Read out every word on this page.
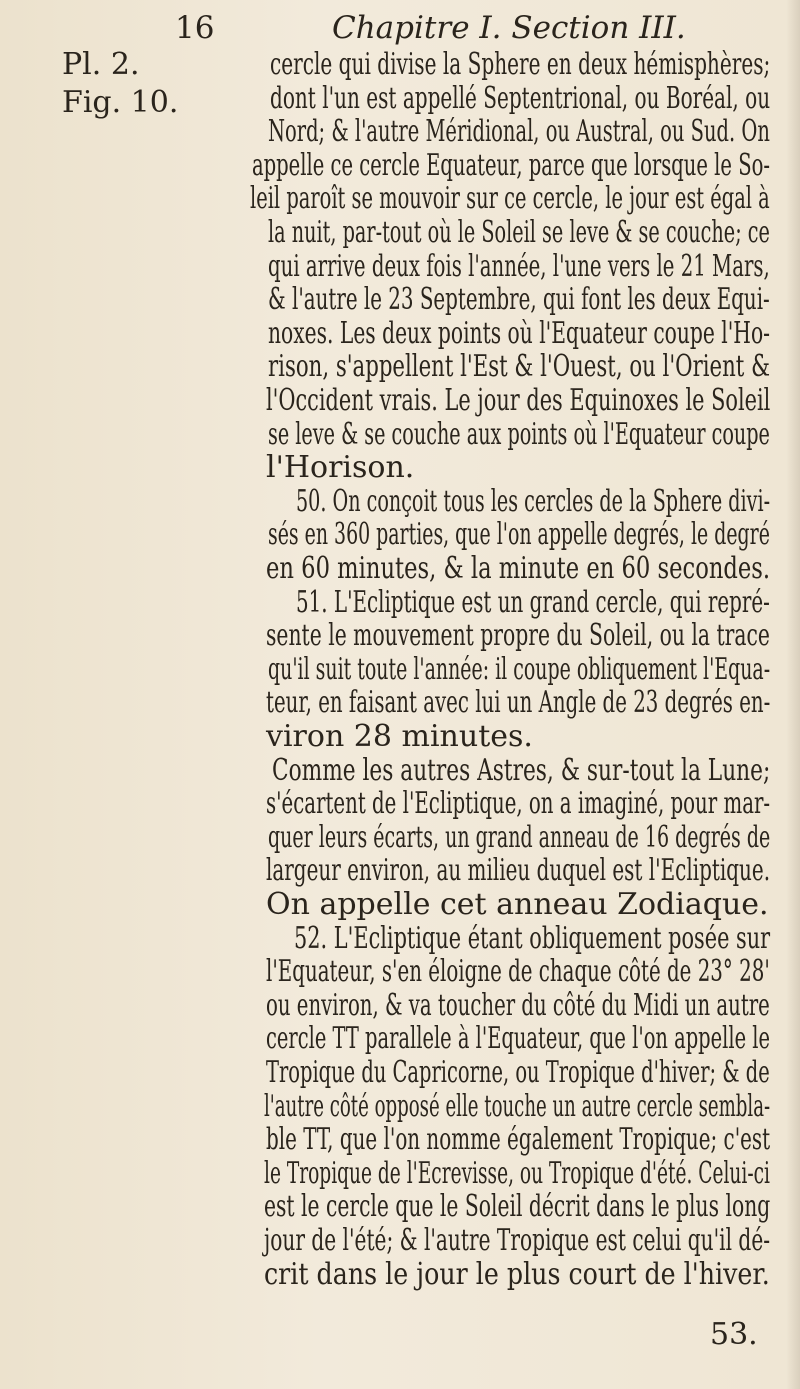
16	Chapitre I. Section III.
Pl. 2.
Fig. 10.
cercle qui divise la Sphere en deux hémisphères;
dont l'un est appellé Septentrional, ou Boréal, ou
Nord; & l'autre Méridional, ou Austral, ou Sud. On
appelle ce cercle Equateur, parce que lorsque le So-
leil paroît se mouvoir sur ce cercle, le jour est égal à
la nuit, par-tout où le Soleil se leve & se couche; ce
qui arrive deux fois l'année, l'une vers le 21 Mars,
& l'autre le 23 Septembre, qui font les deux Equi-
noxes. Les deux points où l'Equateur coupe l'Ho-
rison, s'appellent l'Est & l'Ouest, ou l'Orient &
l'Occident vrais. Le jour des Equinoxes le Soleil
se leve & se couche aux points où l'Equateur coupe
l'Horison.
50. On conçoit tous les cercles de la Sphere divi-
sés en 360 parties, que l'on appelle degrés, le degré
en 60 minutes, & la minute en 60 secondes.
51. L'Ecliptique est un grand cercle, qui repré-
sente le mouvement propre du Soleil, ou la trace
qu'il suit toute l'année: il coupe obliquement l'Equa-
teur, en faisant avec lui un Angle de 23 degrés en-
viron 28 minutes.
Comme les autres Astres, & sur-tout la Lune;
s'écartent de l'Ecliptique, on a imaginé, pour mar-
quer leurs écarts, un grand anneau de 16 degrés de
largeur environ, au milieu duquel est l'Ecliptique.
On appelle cet anneau Zodiaque.
52. L'Ecliptique étant obliquement posée sur
l'Equateur, s'en éloigne de chaque côté de 23° 28'
ou environ, & va toucher du côté du Midi un autre
cercle TT parallele à l'Equateur, que l'on appelle le
Tropique du Capricorne, ou Tropique d'hiver; & de
l'autre côté opposé elle touche un autre cercle sembla-
ble TT, que l'on nomme également Tropique; c'est
le Tropique de l'Ecrevisse, ou Tropique d'été. Celui-ci
est le cercle que le Soleil décrit dans le plus long
jour de l'été; & l'autre Tropique est celui qu'il dé-
crit dans le jour le plus court de l'hiver.
53.
